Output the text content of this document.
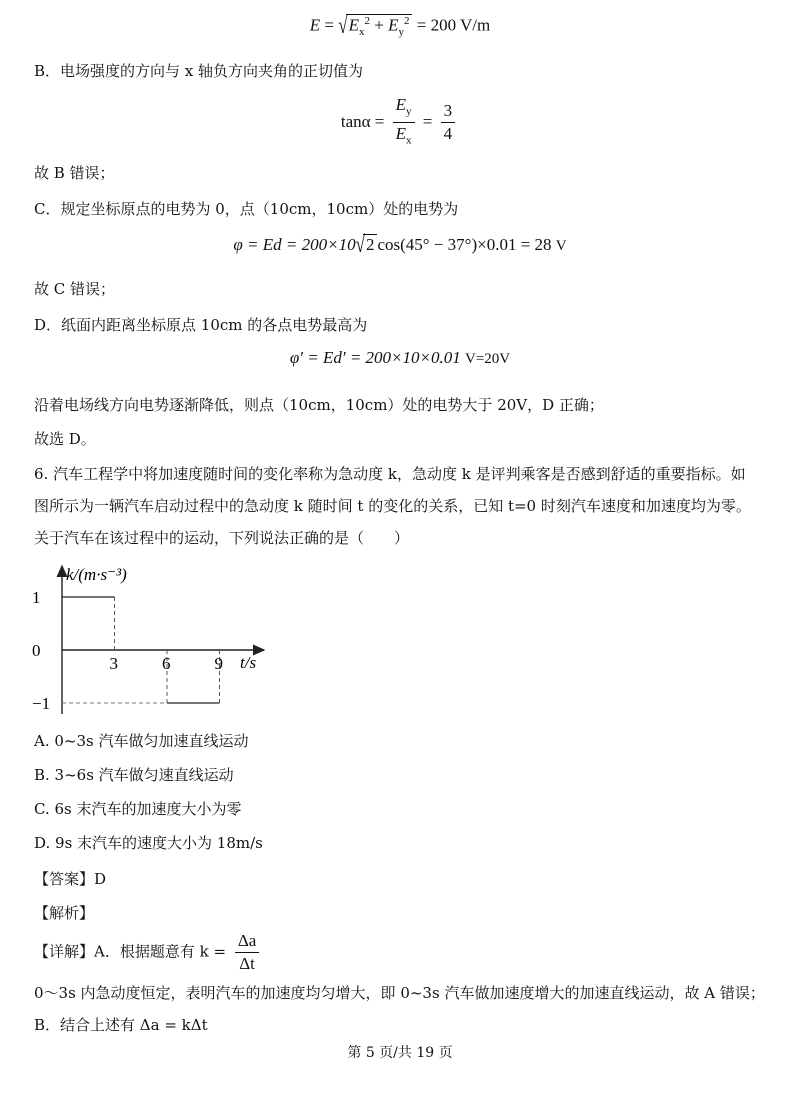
$E = √E_x^2 + E_y^2 = 200$ V/m
B．电场强度的方向与 x 轴负方向夹角的正切值为
$\tan\alpha = \frac{E_y}{E_x} = \frac{3}{4}$
故 B 错误；
C．规定坐标原点的电势为 0，点（10cm，10cm）处的电势为
φ = Ed = 200×10√2 cos(45° − 37°)×0.01 = 28 V
故 C 错误；
D．纸面内距离坐标原点 10cm 的各点电势最高为
φ′ = Ed′ = 200×10×0.01 V=20V
沿着电场线方向电势逐渐降低，则点（10cm，10cm）处的电势大于 20V，D 正确；
故选 D。
6. 汽车工程学中将加速度随时间的变化率称为急动度 k，急动度 k 是评判乘客是否感到舒适的重要指标。如
图所示为一辆汽车启动过程中的急动度 k 随时间 t 的变化的关系，已知 t=0 时刻汽车速度和加速度均为零。
关于汽车在该过程中的运动，下列说法正确的是（　　）
k/(m·s⁻³)
t/s
3	6	9
1
0
−1
A. 0~3s 汽车做匀加速直线运动
B. 3~6s 汽车做匀速直线运动
C. 6s 末汽车的加速度大小为零
D. 9s 末汽车的速度大小为 18m/s
【答案】D
【解析】
【详解】A．根据题意有 $k = \frac{\Delta a}{\Delta t}$
0～3s 内急动度恒定，表明汽车的加速度均匀增大，即 0~3s 汽车做加速度增大的加速直线运动，故 A 错误；
B．结合上述有 Δa = kΔt
第 5 页/共 19 页
